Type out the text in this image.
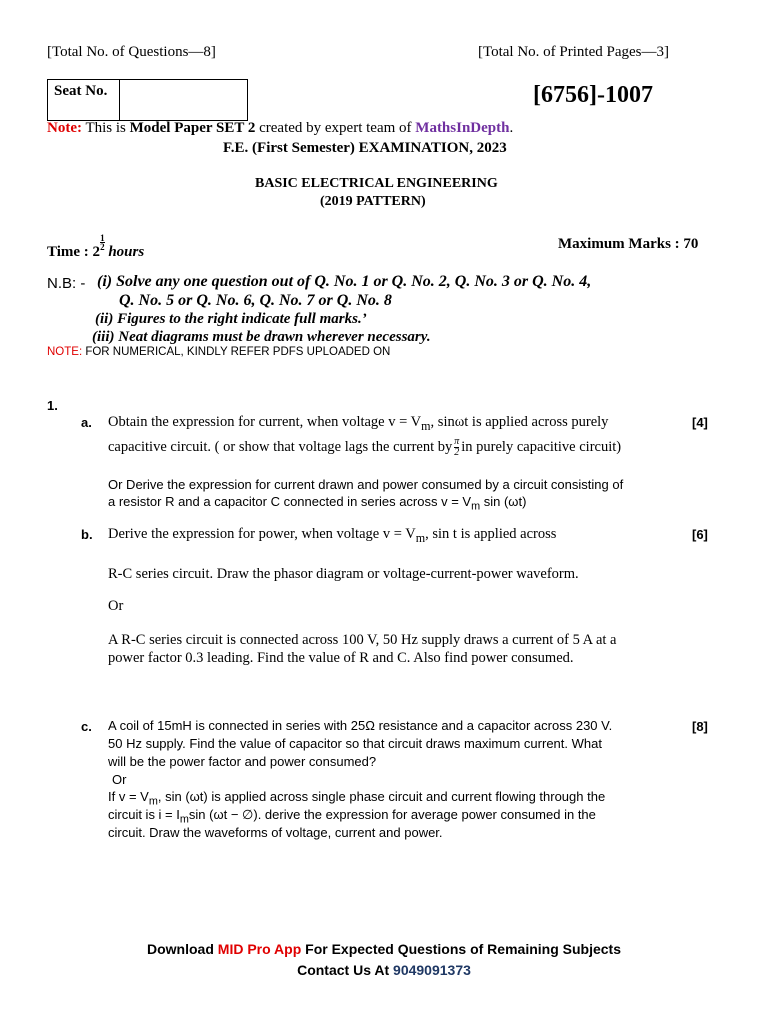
[Total No. of Questions—8]	[Total No. of Printed Pages—3]
Seat No.	[6756]-1007
Note: This is Model Paper SET 2 created by expert team of MathsInDepth.
F.E. (First Semester) EXAMINATION, 2023
BASIC ELECTRICAL ENGINEERING
(2019 PATTERN)
Time : 2
$\frac{1}{2}$
hours	Maximum Marks : 70
N.B: - (i) Solve any one question out of Q. No. 1 or Q. No. 2, Q. No. 3 or Q. No. 4,
Q. No. 5 or Q. No. 6, Q. No. 7 or Q. No. 8
(ii) Figures to the right indicate full marks.’
(iii) Neat diagrams must be drawn wherever necessary.
NOTE: FOR NUMERICAL, KINDLY REFER PDFS UPLOADED ON
1.
a.	[4]
Obtain the expression for current, when voltage $v = V_m$, sinωt is applied across purely
capacitive circuit. ( or show that voltage lags the current by $\frac{\pi}{2}$ in purely capacitive circuit)
Or Derive the expression for current drawn and power consumed by a circuit consisting of
a resistor R and a capacitor C connected in series across $v = V_m$ sin (ωt)
b.	[6]
Derive the expression for power, when voltage $v = V_m$, sin t is applied across
R-C series circuit. Draw the phasor diagram or voltage-current-power waveform.
Or
A R-C series circuit is connected across 100 V, 50 Hz supply draws a current of 5 A at a
power factor 0.3 leading. Find the value of R and C. Also find power consumed.
c.	[8]
A coil of 15mH is connected in series with 25Ω resistance and a capacitor across 230 V.
50 Hz supply. Find the value of capacitor so that circuit draws maximum current. What
will be the power factor and power consumed?
Or
If $v = V_m$, sin (ωt) is applied across single phase circuit and current flowing through the
circuit is $i = I_m\sin$ (ωt − ∅). derive the expression for average power consumed in the
circuit. Draw the waveforms of voltage, current and power.
Download MID Pro App For Expected Questions of Remaining Subjects
Contact Us At 9049091373
